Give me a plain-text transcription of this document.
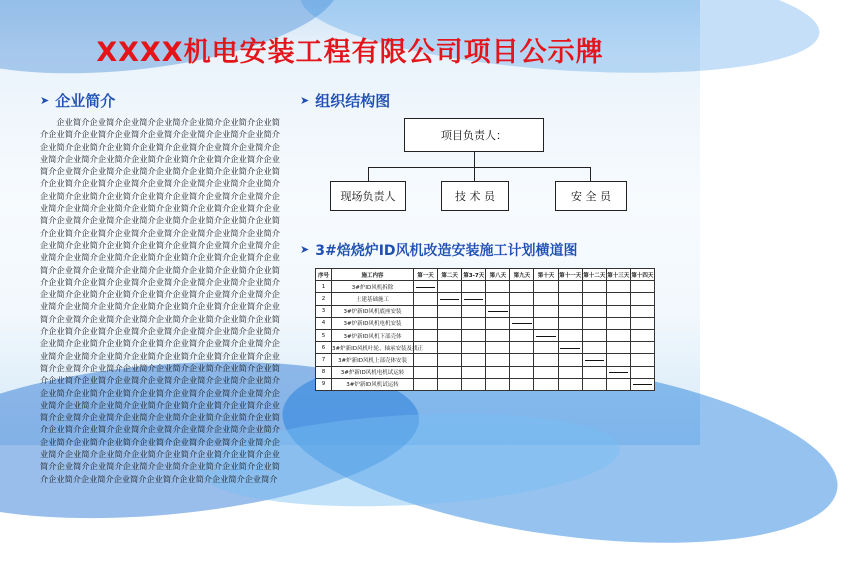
XXXX机电安装工程有限公司项目公示牌
➤ 企业简介
企业简介企业简介企业简介企业简介企业简介企业简介企业简介企业简介企业简介企业简介企业简介企业简介企业简介企业简介企业简介企业简介企业简介企业简介企业简介企业简介企业简介企业简介企业简介企业简介企业简介企业简介企业简介企业简介企业简介企业简介企业简介企业简介企业简介企业简介企业简介企业简介企业简介企业简介企业简介企业简介企业简介企业简介企业简介企业简介企业简介企业简介企业简介企业简介企业简介企业简介企业简介企业简介企业简介企业简介企业简介企业简介企业简介企业简介企业简介企业简介企业简介企业简介企业简介企业简介企业简介企业简介企业简介企业简介企业简介企业简介企业简介企业简介企业简介企业简介企业简介企业简介企业简介企业简介企业简介企业简介企业简介企业简介企业简介企业简介企业简介企业简介企业简介企业简介企业简介企业简介企业简介企业简介企业简介企业简介企业简介企业简介企业简介企业简介企业简介企业简介企业简介企业简介企业简介企业简介企业简介企业简介企业简介企业简介企业简介企业简介企业简介企业简介企业简介企业简介企业简介企业简介企业简介企业简介企业简介企业简介企业简介企业简介企业简介企业简介企业简介企业简介企业简介企业简介企业简介企业简介企业简介企业简介企业简介企业简介企业简介企业简介企业简介企业简介企业简介企业简介企业简介企业简介企业简介企业简介企业简介企业简介企业简介企业简介企业简介企业简介企业简介企业简介企业简介企业简介企业简介企业简介企业简介企业简介企业简介企业简介企业简介企业简介企业简介企业简介企业简介企业简介企业简介企业简介企业简介企业简介企业简介企业简介企业简介企业简介企业简介企业简介企业简介企业简介企业简介企业简介企业简介企业简介企业简介企业简介企业简介企业简介企业简介企业简介企业简介企业简介企业简介企业简介企业简介企业简介企业简介企业简介企业简介企业简介企业简介企业简介企业简介企业简介企业简介企业简介企业简介企业简介企业简介企业简介企业简介企业简介企业简介企业简介企业简介企业简介企业简介企业简介企业简介
➤ 组织结构图
项目负责人：
现场负责人	技 术 员	安 全 员
➤ 3#焙烧炉ID风机改造安装施工计划横道图
序号	施工内容	第一天	第二天	第3-7天	第八天	第九天	第十天	第十一天	第十二天	第十三天	第十四天
1	3#炉ID风机拆除	

2	土建基础施工		

3	3#炉新ID风机底座安装				

4	3#炉新ID风机电机安装					

5	3#炉新ID风机下部壳体						

6	3#炉新ID风机叶轮、轴承安装及找正							

7	3#炉新ID风机上部壳体安装								

8	3#炉新ID风机电机试运转									

9	3#炉新ID风机试运转										
